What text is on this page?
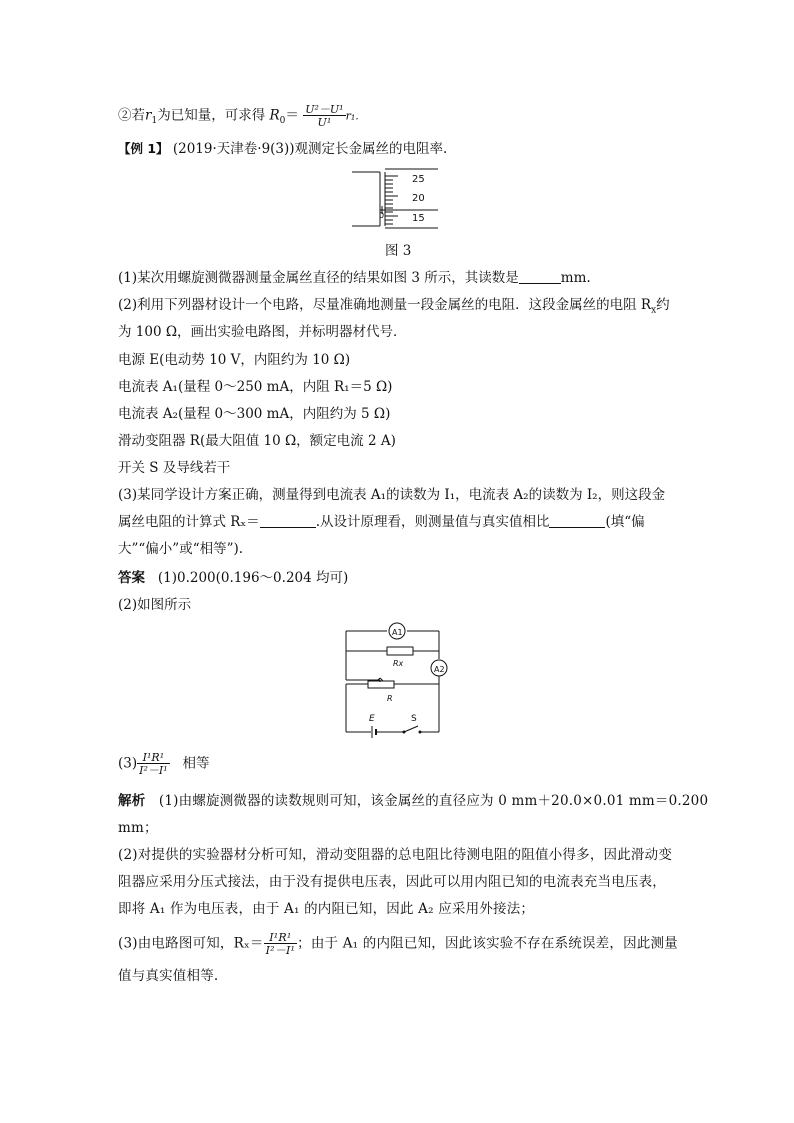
②若$r_1$为已知量，可求得 $R_0= \frac{\text{U²－U¹}}{\text{U¹}} r_1$.
【例 1】 (2019·天津卷·9(3))观测定长金属丝的电阻率.
25
20
15
0
图 3
(1)某次用螺旋测微器测量金属丝直径的结果如图 3 所示，其读数是	mm.
(2)利用下列器材设计一个电路，尽量准确地测量一段金属丝的电阻．这段金属丝的电阻 $R_x$约
为 100 Ω，画出实验电路图，并标明器材代号．
电源 E(电动势 10 V，内阻约为 10 Ω)
电流表 A₁(量程 0～250 mA，内阻 R₁＝5 Ω)
电流表 A₂(量程 0～300 mA，内阻约为 5 Ω)
滑动变阻器 R(最大阻值 10 Ω，额定电流 2 A)
开关 S 及导线若干
(3)某同学设计方案正确，测量得到电流表 A₁的读数为 I₁，电流表 A₂的读数为 I₂，则这段金
属丝电阻的计算式 Rₓ＝	.从设计原理看，则测量值与真实值相比	(填“偏
大”“偏小”或“相等”).
答案 (1)0.200(0.196～0.204 均可)
(2)如图所示
A1
Rx
A2
R
E	S
$(3) \frac{\text{I¹R¹}}{\text{I²－I¹}}$ 相等
解析 (1)由螺旋测微器的读数规则可知，该金属丝的直径应为 0 mm＋20.0×0.01 mm＝0.200
mm；
(2)对提供的实验器材分析可知，滑动变阻器的总电阻比待测电阻的阻值小得多，因此滑动变
阻器应采用分压式接法，由于没有提供电压表，因此可以用内阻已知的电流表充当电压表，
即将 A₁ 作为电压表，由于 A₁ 的内阻已知，因此 A₂ 应采用外接法；
(3)由电路图可知，$R_x= \frac{\text{I¹R¹}}{\text{I²－I¹}}$ ；由于 A₁ 的内阻已知，因此该实验不存在系统误差，因此测量
值与真实值相等.
